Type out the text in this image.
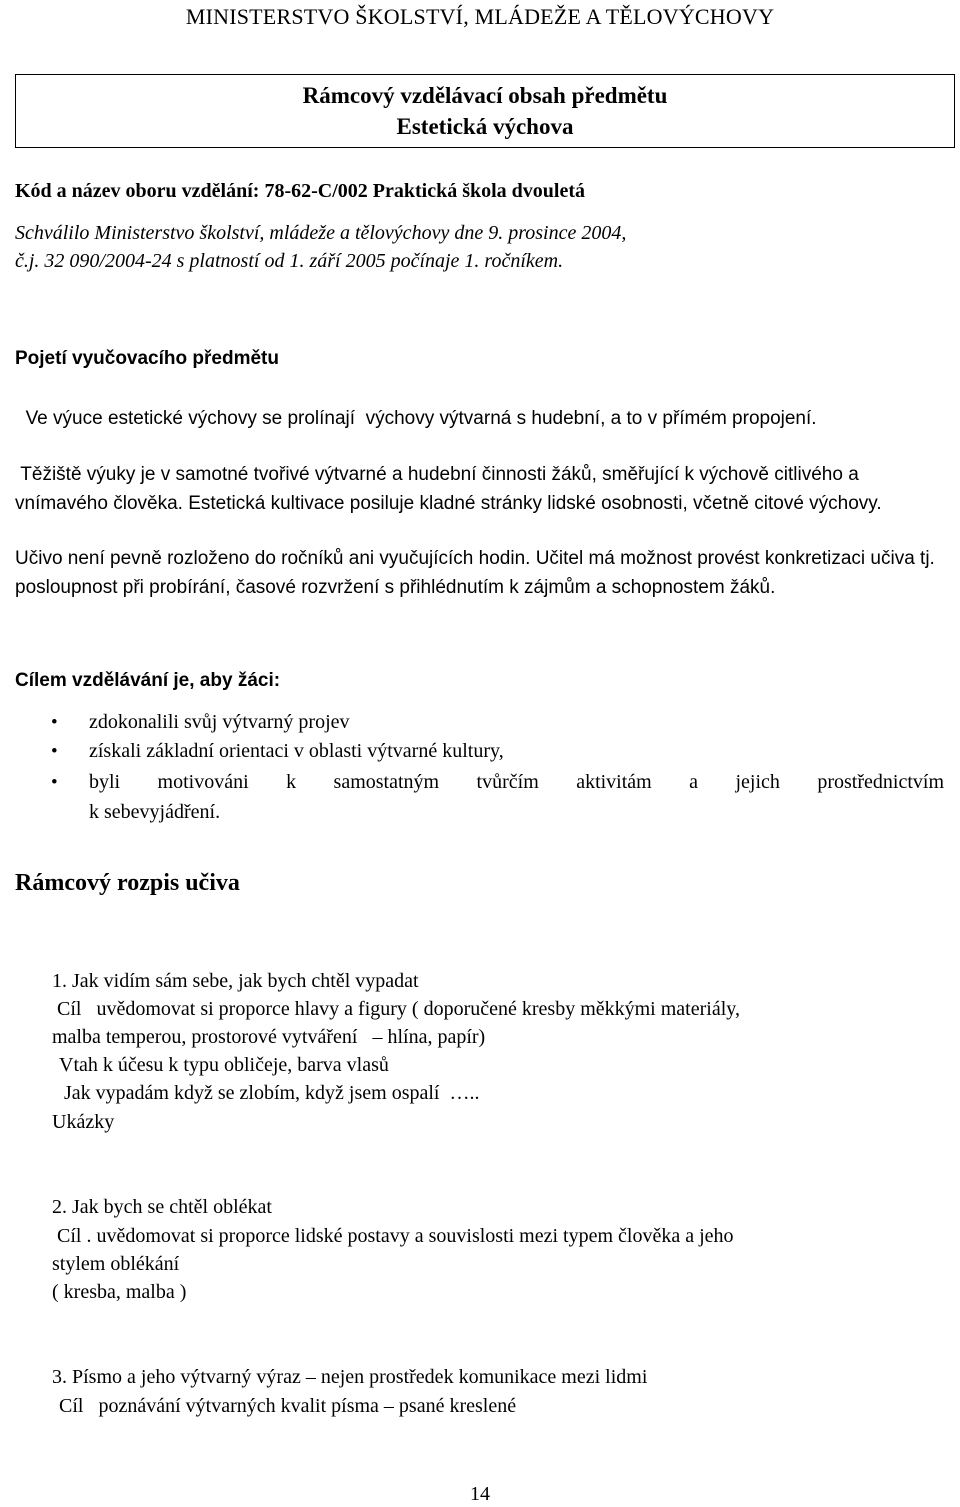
MINISTERSTVO ŠKOLSTVÍ, MLÁDEŽE A TĚLOVÝCHOVY
Rámcový vzdělávací obsah předmětu
Estetická výchova
Kód a název oboru vzdělání: 78-62-C/002 Praktická škola dvouletá
Schválilo Ministerstvo školství, mládeže a tělovýchovy dne 9. prosince 2004,
č.j. 32 090/2004-24 s platností od 1. září 2005 počínaje 1. ročníkem.
Pojetí vyučovacího předmětu
Ve výuce estetické výchovy se prolínají  výchovy výtvarná s hudební, a to v přímém propojení.
Těžiště výuky je v samotné tvořivé výtvarné a hudební činnosti žáků, směřující k výchově citlivého a vnímavého člověka. Estetická kultivace posiluje kladné stránky lidské osobnosti, včetně citové výchovy.
Učivo není pevně rozloženo do ročníků ani vyučujících hodin. Učitel má možnost provést konkretizaci učiva tj. posloupnost při probírání, časové rozvržení s přihlédnutím k zájmům a schopnostem žáků.
Cílem vzdělávání je, aby žáci:
• zdokonalili svůj výtvarný projev
• získali základní orientaci v oblasti výtvarné kultury,
• byli motivováni k samostatným tvůrčím aktivitám a jejich prostřednictvím
k sebevyjádření.
Rámcový rozpis učiva
1. Jak vidím sám sebe, jak bych chtěl vypadat
Cíl   uvědomovat si proporce hlavy a figury ( doporučené kresby měkkými materiály,
malba temperou, prostorové vytváření   – hlína, papír)
Vtah k účesu k typu obličeje, barva vlasů
Jak vypadám když se zlobím, když jsem ospalí  …..
Ukázky
2. Jak bych se chtěl oblékat
Cíl . uvědomovat si proporce lidské postavy a souvislosti mezi typem člověka a jeho
stylem oblékání
( kresba, malba )
3. Písmo a jeho výtvarný výraz – nejen prostředek komunikace mezi lidmi
Cíl   poznávání výtvarných kvalit písma – psané kreslené
14
